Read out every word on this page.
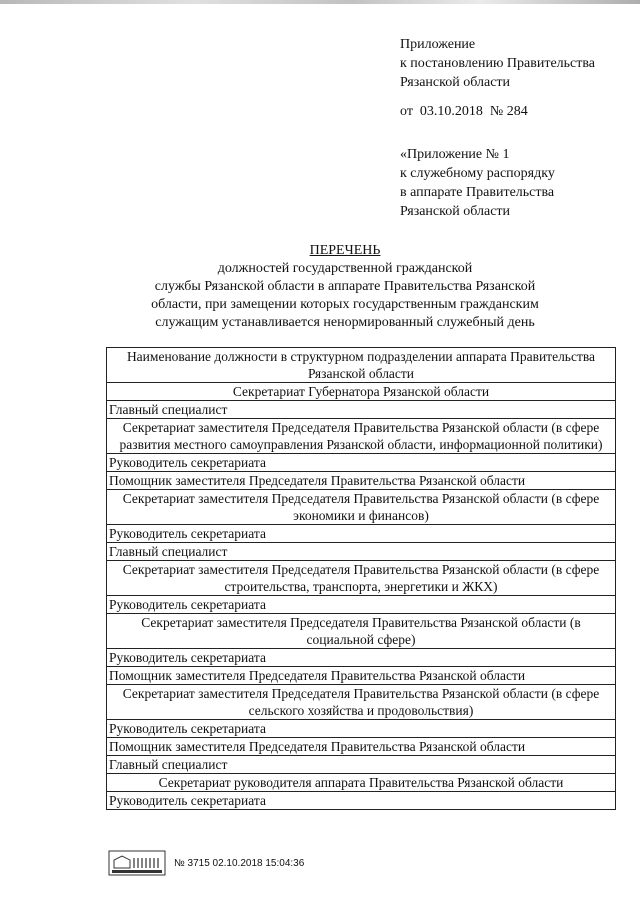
Приложение
к постановлению Правительства
Рязанской области
от  03.10.2018  № 284
«Приложение № 1
к служебному распорядку
в аппарате Правительства
Рязанской области
ПЕРЕЧЕНЬ
должностей государственной гражданской
службы Рязанской области в аппарате Правительства Рязанской
области, при замещении которых государственным гражданским
служащим устанавливается ненормированный служебный день
Наименование должности в структурном подразделении аппарата Правительства Рязанской области
Секретариат Губернатора Рязанской области
Главный специалист
Секретариат заместителя Председателя Правительства Рязанской области (в сфере развития местного самоуправления Рязанской области, информационной политики)
Руководитель секретариата
Помощник заместителя Председателя Правительства Рязанской области
Секретариат заместителя Председателя Правительства Рязанской области (в сфере экономики и финансов)
Руководитель секретариата
Главный специалист
Секретариат заместителя Председателя Правительства Рязанской области (в сфере строительства, транспорта, энергетики и ЖКХ)
Руководитель секретариата
Секретариат заместителя Председателя Правительства Рязанской области (в социальной сфере)
Руководитель секретариата
Помощник заместителя Председателя Правительства Рязанской области
Секретариат заместителя Председателя Правительства Рязанской области (в сфере сельского хозяйства и продовольствия)
Руководитель секретариата
Помощник заместителя Председателя Правительства Рязанской области
Главный специалист
Секретариат руководителя аппарата Правительства Рязанской области
Руководитель секретариата
№ 3715 02.10.2018 15:04:36
